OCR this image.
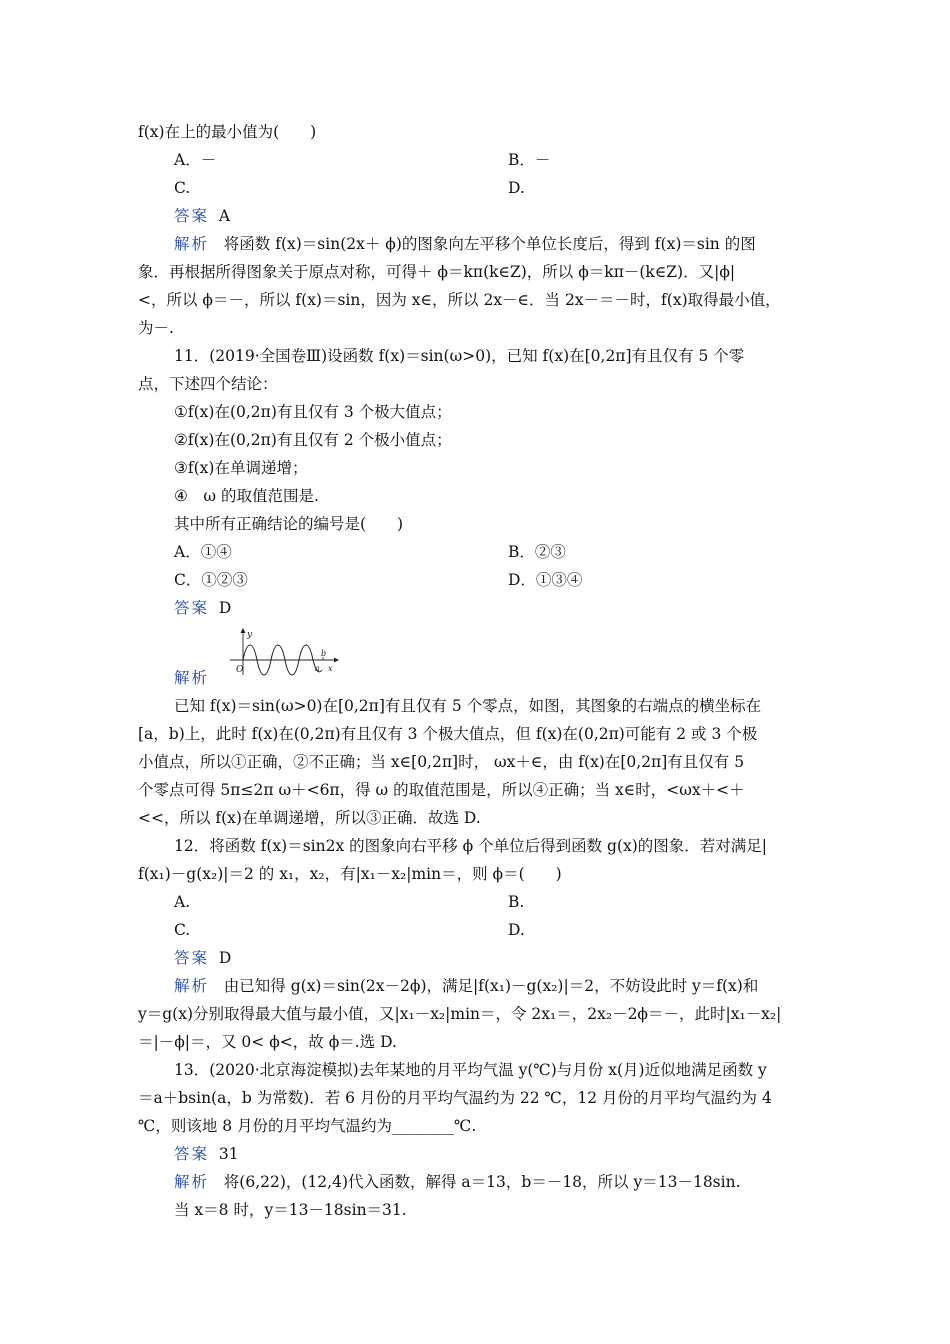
f(x)在上的最小值为(　　)
A．－	B．－
C.	D.
答案 A
解析 将函数 f(x)＝sin(2x＋ ϕ)的图象向左平移个单位长度后，得到 f(x)＝sin 的图
象．再根据所得图象关于原点对称，可得＋ ϕ＝kπ(k∈Z)，所以 ϕ＝kπ－(k∈Z)．又|ϕ|
<，所以 ϕ＝－，所以 f(x)＝sin，因为 x∈，所以 2x－∈．当 2x－＝－时，f(x)取得最小值，
为－.
11．(2019·全国卷Ⅲ)设函数 f(x)＝sin(ω>0)，已知 f(x)在[0,2π]有且仅有 5 个零
点，下述四个结论：
①f(x)在(0,2π)有且仅有 3 个极大值点；
②f(x)在(0,2π)有且仅有 2 个极小值点；
③f(x)在单调递增；
④　ω 的取值范围是.
其中所有正确结论的编号是(　　)
A．①④	B．②③
C．①②③	D．①③④
答案 D
y
O	a
b
x
解析
已知 f(x)＝sin(ω>0)在[0,2π]有且仅有 5 个零点，如图，其图象的右端点的横坐标在
[a，b)上，此时 f(x)在(0,2π)有且仅有 3 个极大值点，但 f(x)在(0,2π)可能有 2 或 3 个极
小值点，所以①正确，②不正确；当 x∈[0,2π]时， ωx＋∈，由 f(x)在[0,2π]有且仅有 5
个零点可得 5π≤2π ω＋<6π，得 ω 的取值范围是，所以④正确；当 x∈时，<ωx＋<＋
<<，所以 f(x)在单调递增，所以③正确．故选 D.
12．将函数 f(x)＝sin2x 的图象向右平移 ϕ 个单位后得到函数 g(x)的图象．若对满足|
f(x₁)－g(x₂)|＝2 的 x₁，x₂，有|x₁－x₂|min＝，则 ϕ＝(　　)
A.	B.
C.	D.
答案 D
解析 由已知得 g(x)＝sin(2x－2ϕ)，满足|f(x₁)－g(x₂)|＝2，不妨设此时 y＝f(x)和
y＝g(x)分别取得最大值与最小值，又|x₁－x₂|min＝，令 2x₁＝，2x₂－2ϕ＝－，此时|x₁－x₂|
＝|－ϕ|＝，又 0< ϕ<，故 ϕ＝.选 D.
13．(2020·北京海淀模拟)去年某地的月平均气温 y(℃)与月份 x(月)近似地满足函数 y
＝a＋bsin(a，b 为常数)．若 6 月份的月平均气温约为 22 ℃，12 月份的月平均气温约为 4
℃，则该地 8 月份的月平均气温约为________℃.
答案 31
解析 将(6,22)，(12,4)代入函数，解得 a＝13，b＝－18，所以 y＝13－18sin.
当 x＝8 时，y＝13－18sin＝31.
